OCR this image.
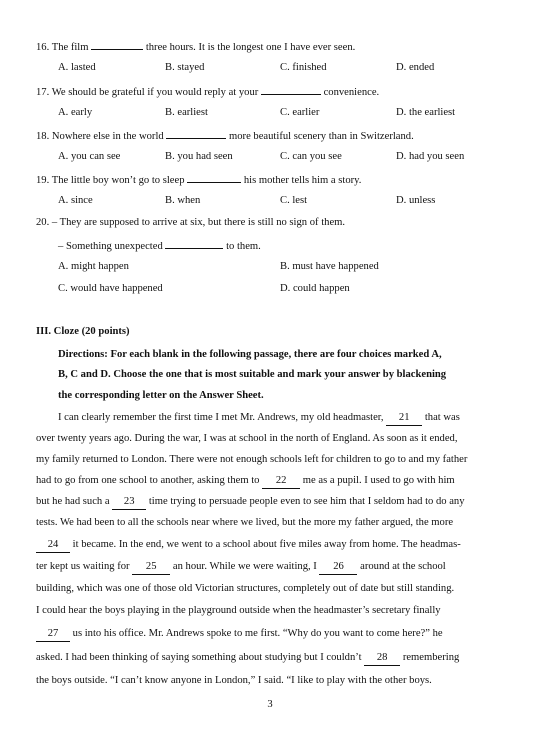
16. The film	three hours. It is the longest one I have ever seen.
A. lasted	B. stayed	C. finished	D. ended
17. We should be grateful if you would reply at your	convenience.
A. early	B. earliest	C. earlier	D. the earliest
18. Nowhere else in the world	more beautiful scenery than in Switzerland.
A. you can see	B. you had seen	C. can you see	D. had you seen
19. The little boy won’t go to sleep	his mother tells him a story.
A. since	B. when	C. lest	D. unless
20. – They are supposed to arrive at six, but there is still no sign of them.
– Something unexpected	to them.
A. might happen	B. must have happened
C. would have happened	D. could happen
III. Cloze (20 points)
Directions: For each blank in the following passage, there are four choices marked A,
B, C and D. Choose the one that is most suitable and mark your answer by blackening
the corresponding letter on the Answer Sheet.
I can clearly remember the first time I met Mr. Andrews, my old headmaster, 21 that was
over twenty years ago. During the war, I was at school in the north of England. As soon as it ended,
my family returned to London. There were not enough schools left for children to go to and my father
had to go from one school to another, asking them to 22 me as a pupil. I used to go with him
but he had such a 23 time trying to persuade people even to see him that I seldom had to do any
tests. We had been to all the schools near where we lived, but the more my father argued, the more
24 it became. In the end, we went to a school about five miles away from home. The headmas-
ter kept us waiting for 25 an hour. While we were waiting, I 26 around at the school
building, which was one of those old Victorian structures, completely out of date but still standing.
I could hear the boys playing in the playground outside when the headmaster’s secretary finally
27 us into his office. Mr. Andrews spoke to me first. “Why do you want to come here?” he
asked. I had been thinking of saying something about studying but I couldn’t 28 remembering
the boys outside. “I can’t know anyone in London,” I said. “I like to play with the other boys.
3
